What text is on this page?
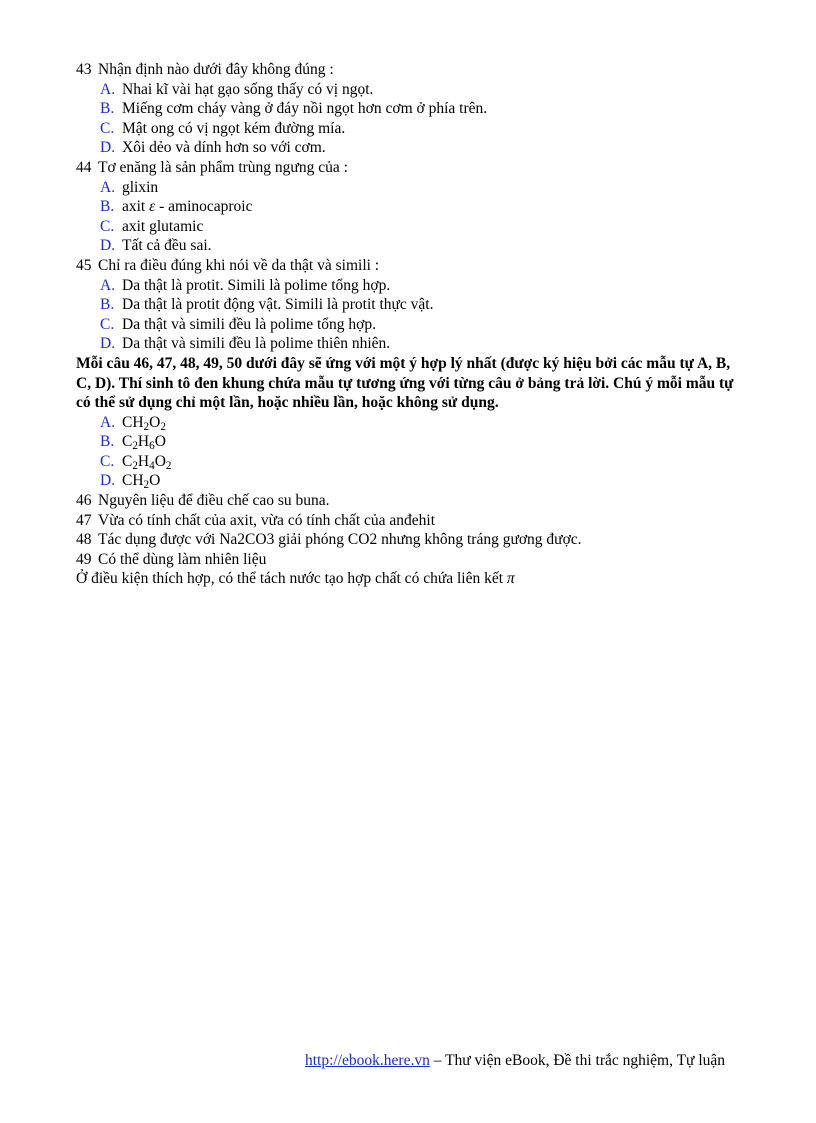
43 Nhận định nào dưới đây không đúng :
A. Nhai kĩ vài hạt gạo sống thấy có vị ngọt.
B. Miếng cơm cháy vàng ở đáy nồi ngọt hơn cơm ở phía trên.
C. Mật ong có vị ngọt kém đường mía.
D. Xôi dẻo và dính hơn so với cơm.
44 Tơ enăng là sản phẩm trùng ngưng của :
A. glixin
B. axit ε - aminocaproic
C. axit glutamic
D. Tất cả đều sai.
45 Chỉ ra điều đúng khi nói về da thật và simili :
A. Da thật là protit. Simili là polime tổng hợp.
B. Da thật là protit động vật. Simili là protit thực vật.
C. Da thật và simili đều là polime tổng hợp.
D. Da thật và simili đều là polime thiên nhiên.
Mỗi câu 46, 47, 48, 49, 50 dưới đây sẽ ứng với một ý hợp lý nhất (được ký hiệu bởi các mẫu tự A, B, C, D). Thí sinh tô đen khung chứa mẫu tự tương ứng với từng câu ở bảng trả lời. Chú ý mỗi mẫu tự có thể sử dụng chỉ một lần, hoặc nhiều lần, hoặc không sử dụng.
A. $CH_2O_2$
B. $C_2H_6O$
C. $C_2H_4O_2$
D. $CH_2O$
46 Nguyên liệu để điều chế cao su buna.
47 Vừa có tính chất của axit, vừa có tính chất của anđehit
48 Tác dụng được với Na2CO3 giải phóng CO2 nhưng không tráng gương được.
49 Có thể dùng làm nhiên liệu
Ở điều kiện thích hợp, có thể tách nước tạo hợp chất có chứa liên kết π
http://ebook.here.vn – Thư viện eBook, Đề thi trắc nghiệm, Tự luận
